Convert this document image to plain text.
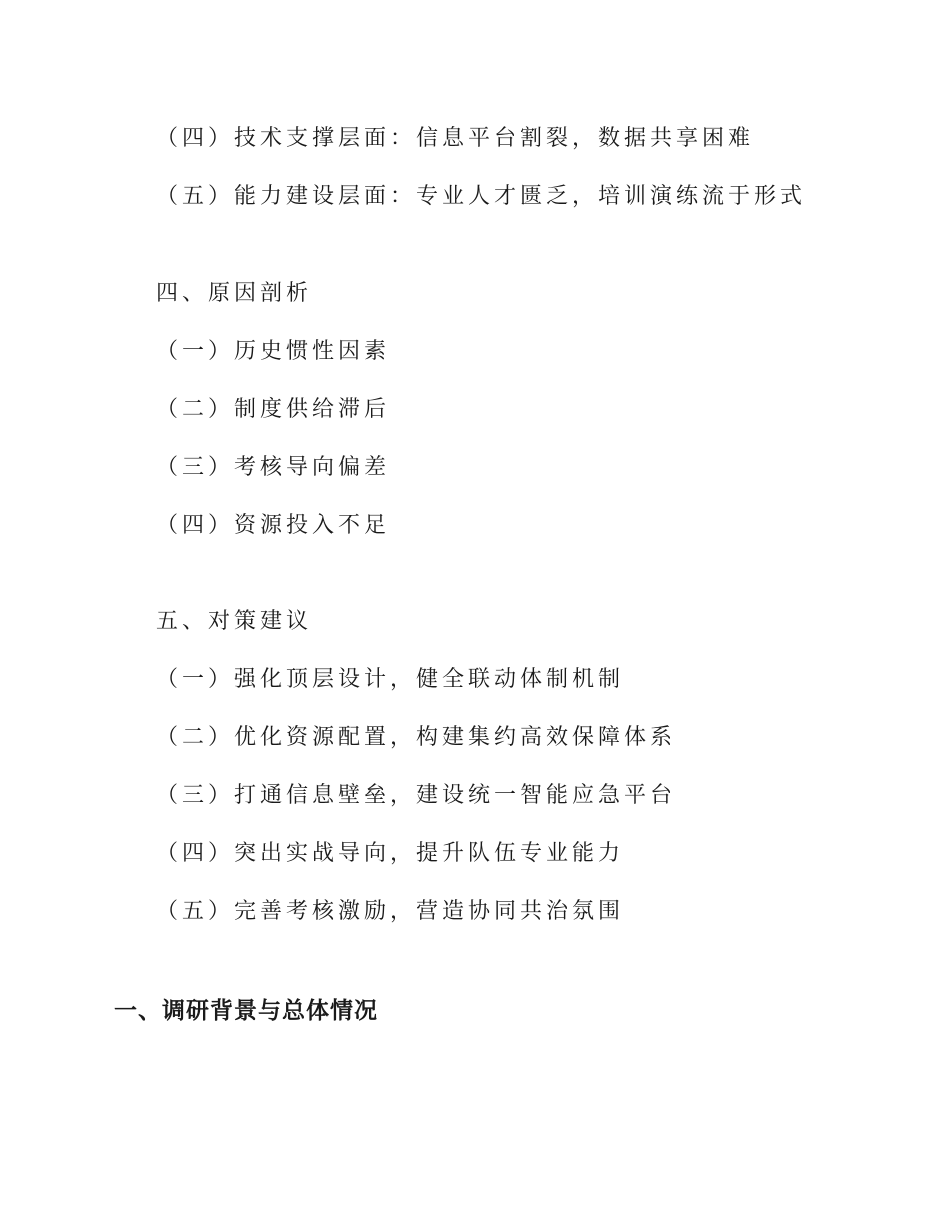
（四）技术支撑层面：信息平台割裂，数据共享困难
（五）能力建设层面：专业人才匮乏，培训演练流于形式
四、原因剖析
（一）历史惯性因素
（二）制度供给滞后
（三）考核导向偏差
（四）资源投入不足
五、对策建议
（一）强化顶层设计，健全联动体制机制
（二）优化资源配置，构建集约高效保障体系
（三）打通信息壁垒，建设统一智能应急平台
（四）突出实战导向，提升队伍专业能力
（五）完善考核激励，营造协同共治氛围
一、调研背景与总体情况
